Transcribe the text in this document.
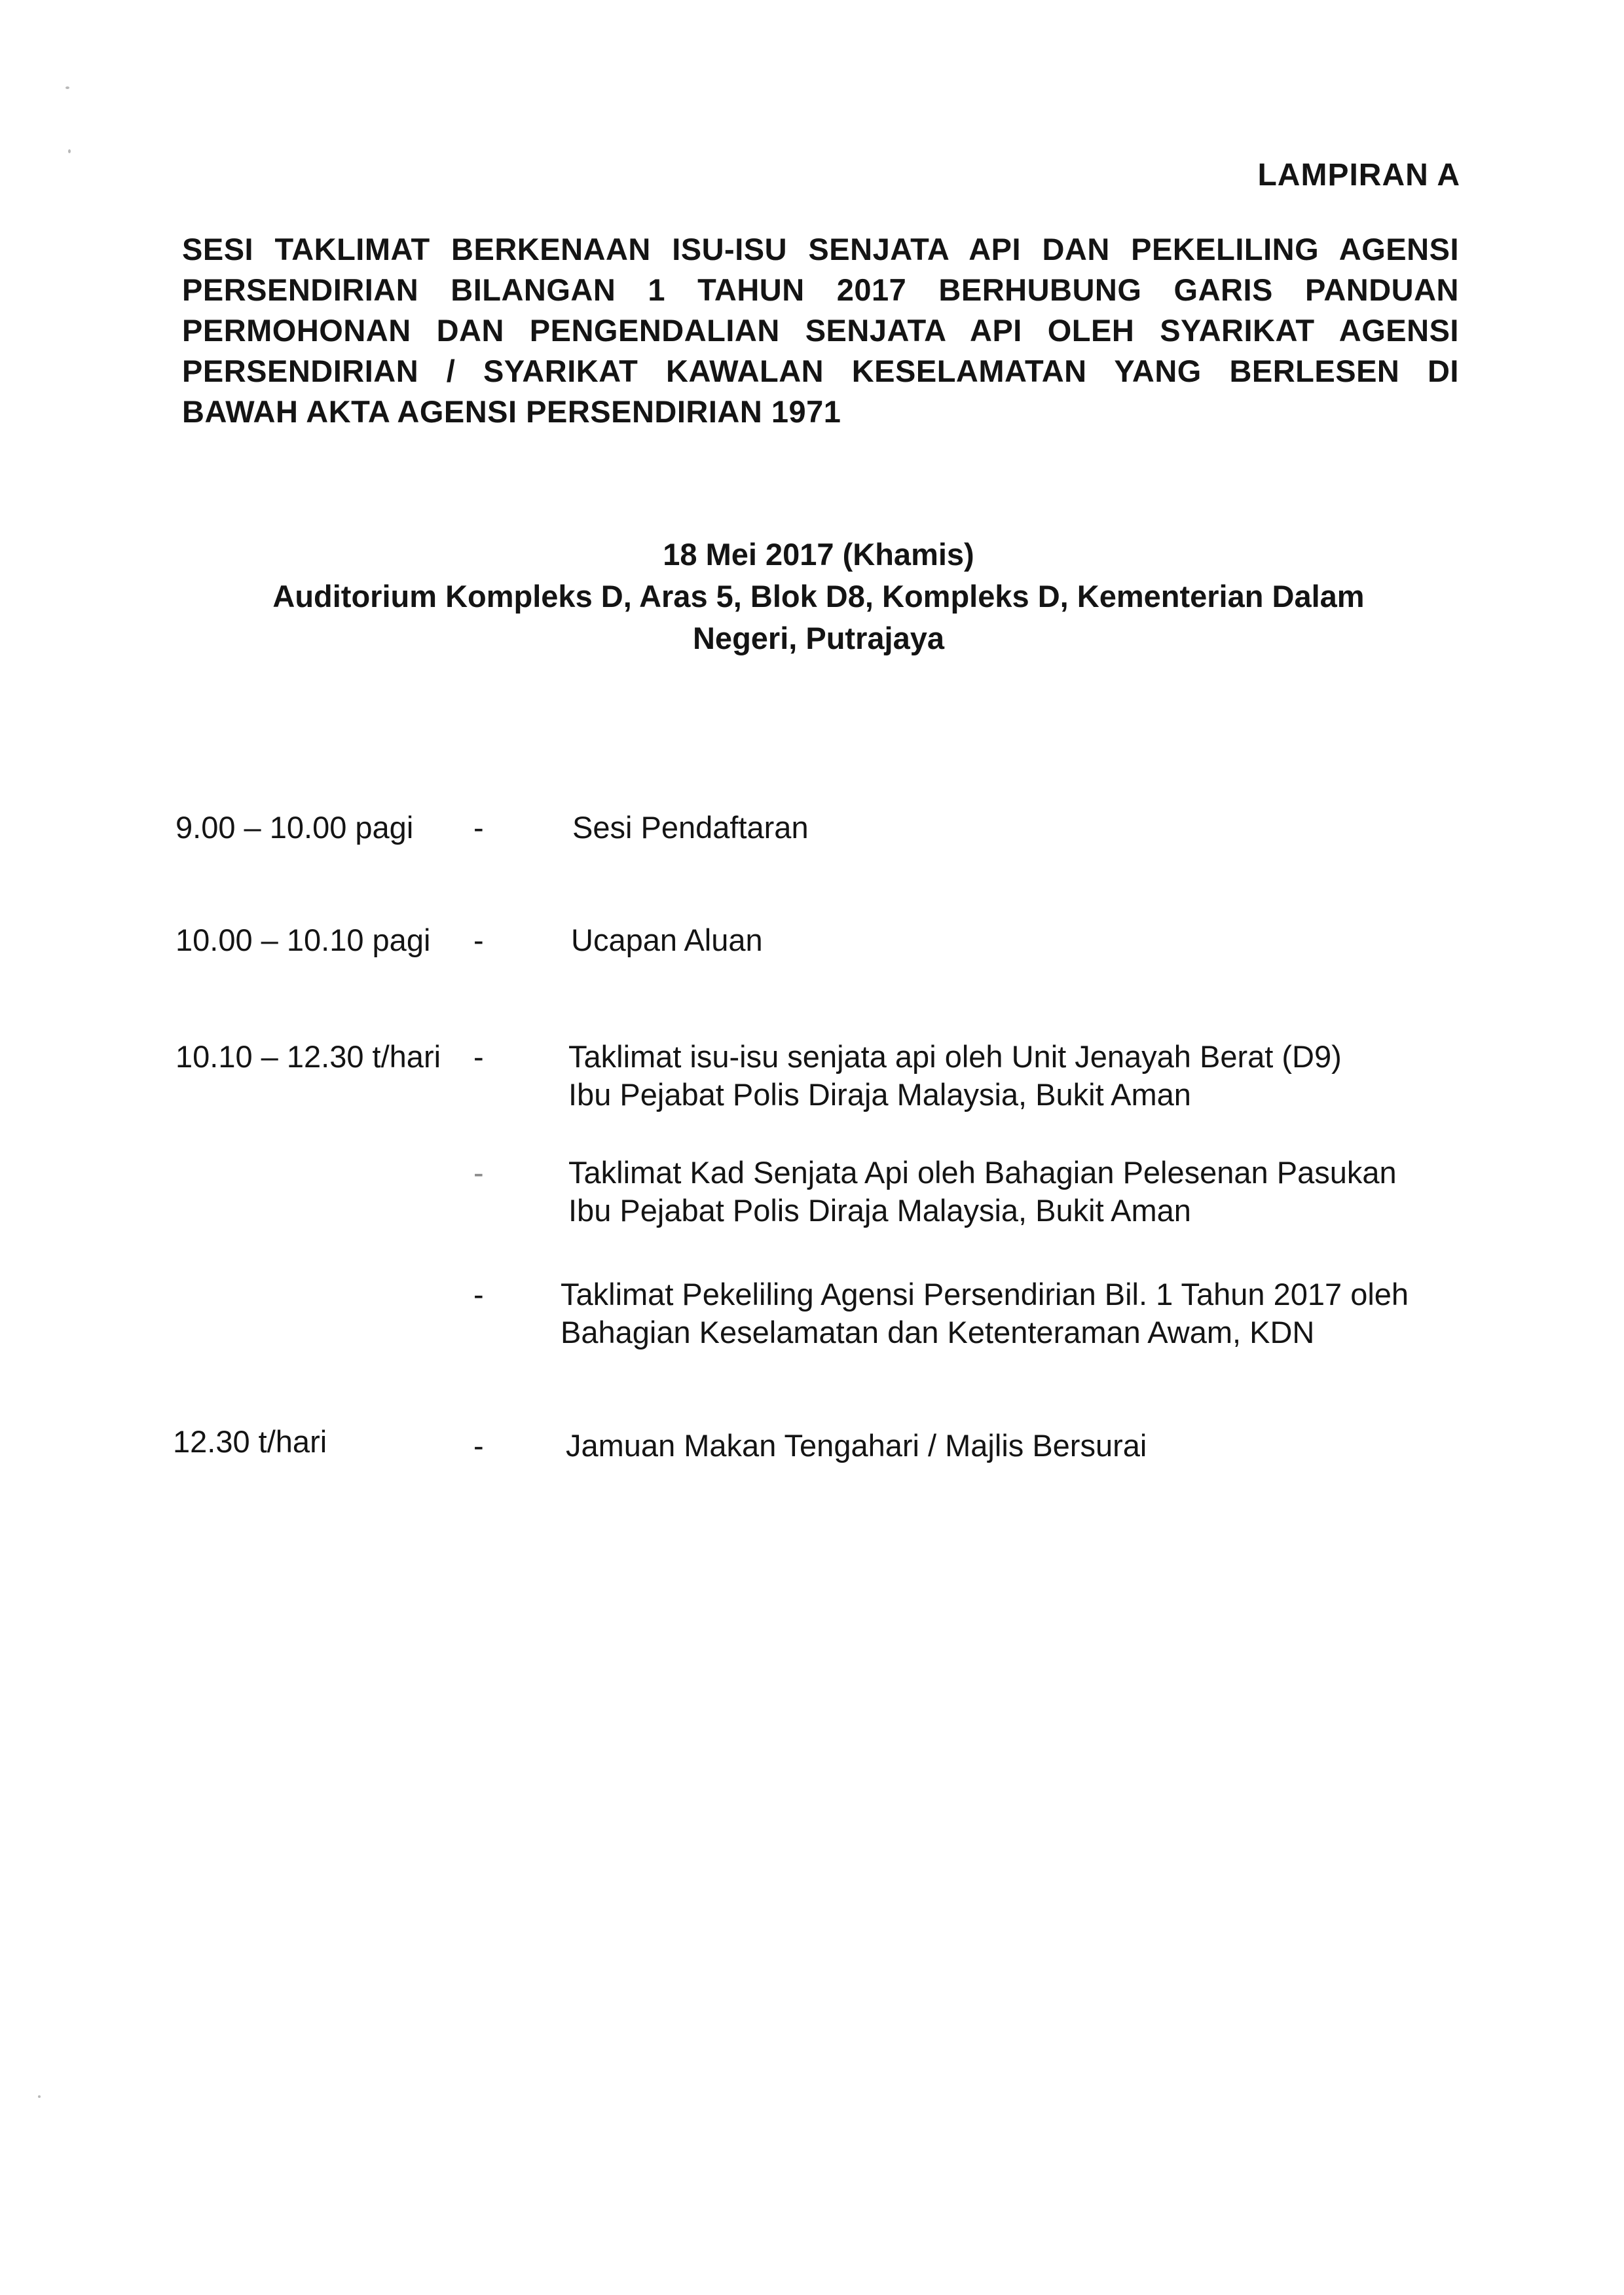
LAMPIRAN A
SESI TAKLIMAT BERKENAAN ISU-ISU SENJATA API DAN PEKELILING AGENSI
PERSENDIRIAN BILANGAN 1 TAHUN 2017 BERHUBUNG GARIS PANDUAN
PERMOHONAN DAN PENGENDALIAN SENJATA API OLEH SYARIKAT AGENSI
PERSENDIRIAN / SYARIKAT KAWALAN KESELAMATAN YANG BERLESEN DI
BAWAH AKTA AGENSI PERSENDIRIAN 1971
18 Mei 2017 (Khamis)
Auditorium Kompleks D, Aras 5, Blok D8, Kompleks D, Kementerian Dalam
Negeri, Putrajaya
9.00 – 10.00 pagi -	Sesi Pendaftaran
10.00 – 10.10 pagi -	Ucapan Aluan
10.10 – 12.30 t/hari -	Taklimat isu-isu senjata api oleh Unit Jenayah Berat (D9)
Ibu Pejabat Polis Diraja Malaysia, Bukit Aman
-	Taklimat Kad Senjata Api oleh Bahagian Pelesenan Pasukan
Ibu Pejabat Polis Diraja Malaysia, Bukit Aman
- Taklimat Pekeliling Agensi Persendirian Bil. 1 Tahun 2017 oleh
Bahagian Keselamatan dan Ketenteraman Awam, KDN
12.30 t/hari	-	Jamuan Makan Tengahari / Majlis Bersurai
